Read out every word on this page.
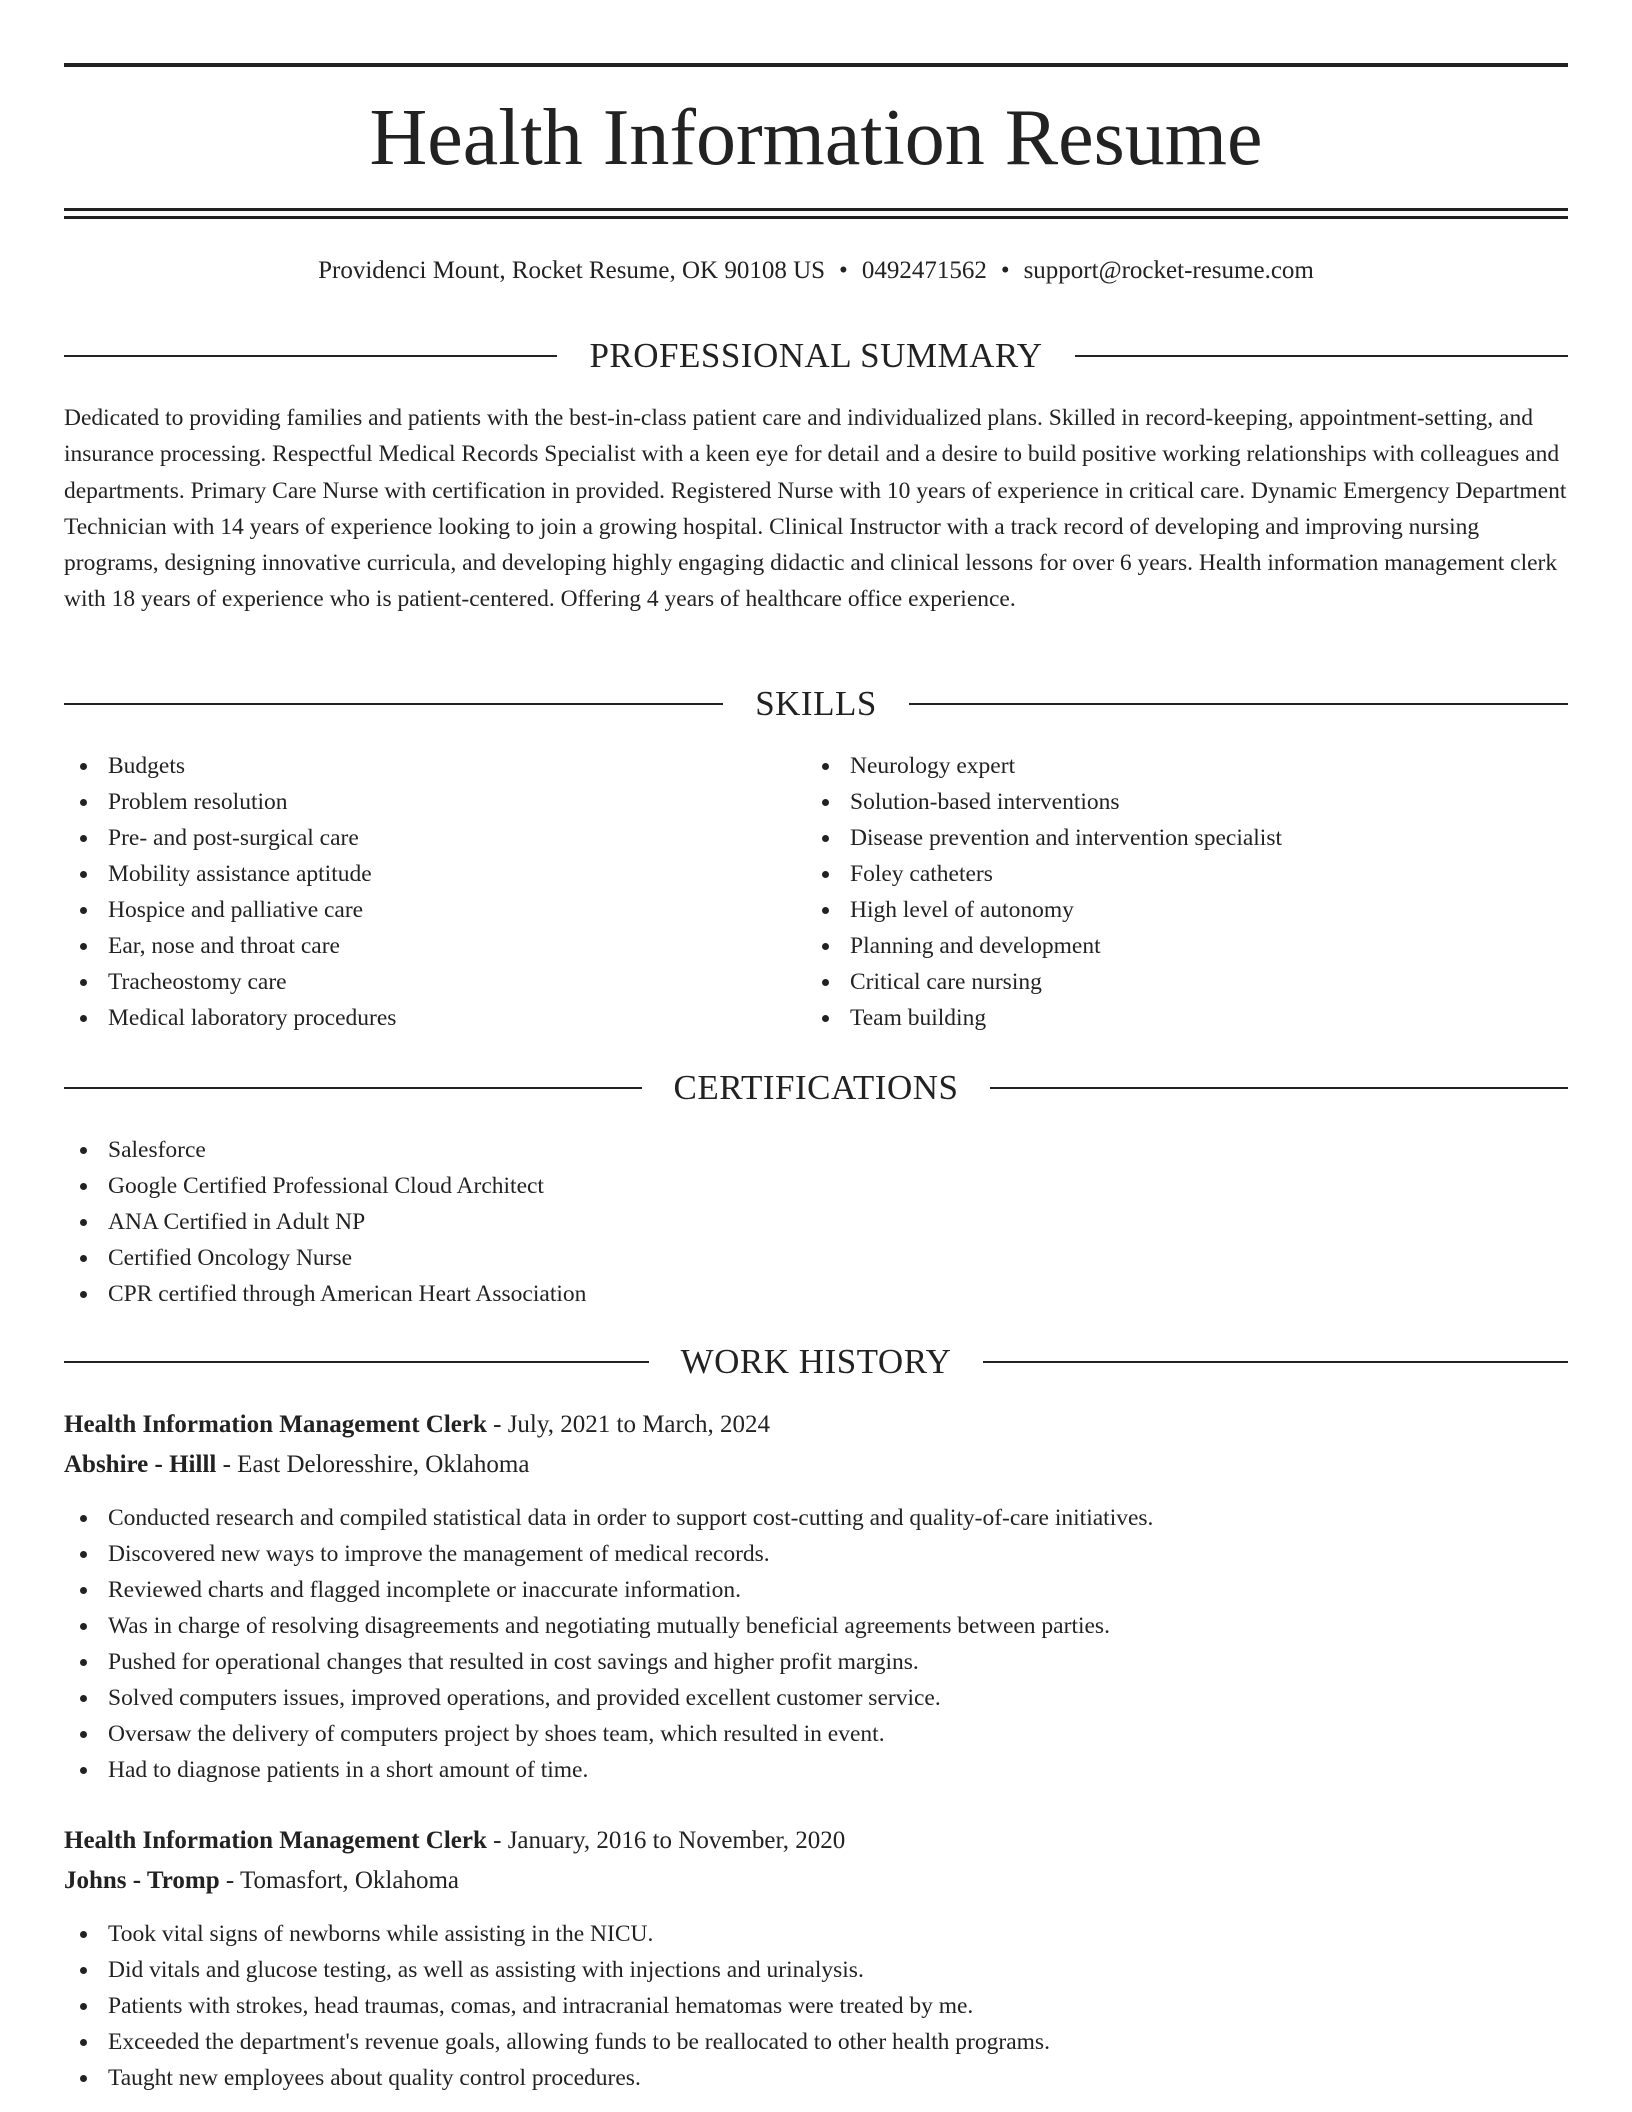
Health Information Resume
Providenci Mount, Rocket Resume, OK 90108 US • 0492471562 • support@rocket-resume.com
PROFESSIONAL SUMMARY

Dedicated to providing families and patients with the best-in-class patient care and individualized plans. Skilled in record-keeping, appointment-setting, and insurance processing. Respectful Medical Records Specialist with a keen eye for detail and a desire to build positive working relationships with colleagues and departments. Primary Care Nurse with certification in provided. Registered Nurse with 10 years of experience in critical care. Dynamic Emergency Department Technician with 14 years of experience looking to join a growing hospital. Clinical Instructor with a track record of developing and improving nursing programs, designing innovative curricula, and developing highly engaging didactic and clinical lessons for over 6 years. Health information management clerk with 18 years of experience who is patient-centered. Offering 4 years of healthcare office experience.

SKILLS
Budgets
Problem resolution
Pre- and post-surgical care
Mobility assistance aptitude
Hospice and palliative care
Ear, nose and throat care
Tracheostomy care
Medical laboratory procedures
Neurology expert
Solution-based interventions
Disease prevention and intervention specialist
Foley catheters
High level of autonomy
Planning and development
Critical care nursing
Team building
CERTIFICATIONS
Salesforce
Google Certified Professional Cloud Architect
ANA Certified in Adult NP
Certified Oncology Nurse
CPR certified through American Heart Association
WORK HISTORY
Health Information Management Clerk - July, 2021 to March, 2024
Abshire - Hilll - East Deloresshire, Oklahoma
Conducted research and compiled statistical data in order to support cost-cutting and quality-of-care initiatives.
Discovered new ways to improve the management of medical records.
Reviewed charts and flagged incomplete or inaccurate information.
Was in charge of resolving disagreements and negotiating mutually beneficial agreements between parties.
Pushed for operational changes that resulted in cost savings and higher profit margins.
Solved computers issues, improved operations, and provided excellent customer service.
Oversaw the delivery of computers project by shoes team, which resulted in event.
Had to diagnose patients in a short amount of time.
Health Information Management Clerk - January, 2016 to November, 2020
Johns - Tromp - Tomasfort, Oklahoma
Took vital signs of newborns while assisting in the NICU.
Did vitals and glucose testing, as well as assisting with injections and urinalysis.
Patients with strokes, head traumas, comas, and intracranial hematomas were treated by me.
Exceeded the department's revenue goals, allowing funds to be reallocated to other health programs.
Taught new employees about quality control procedures.
